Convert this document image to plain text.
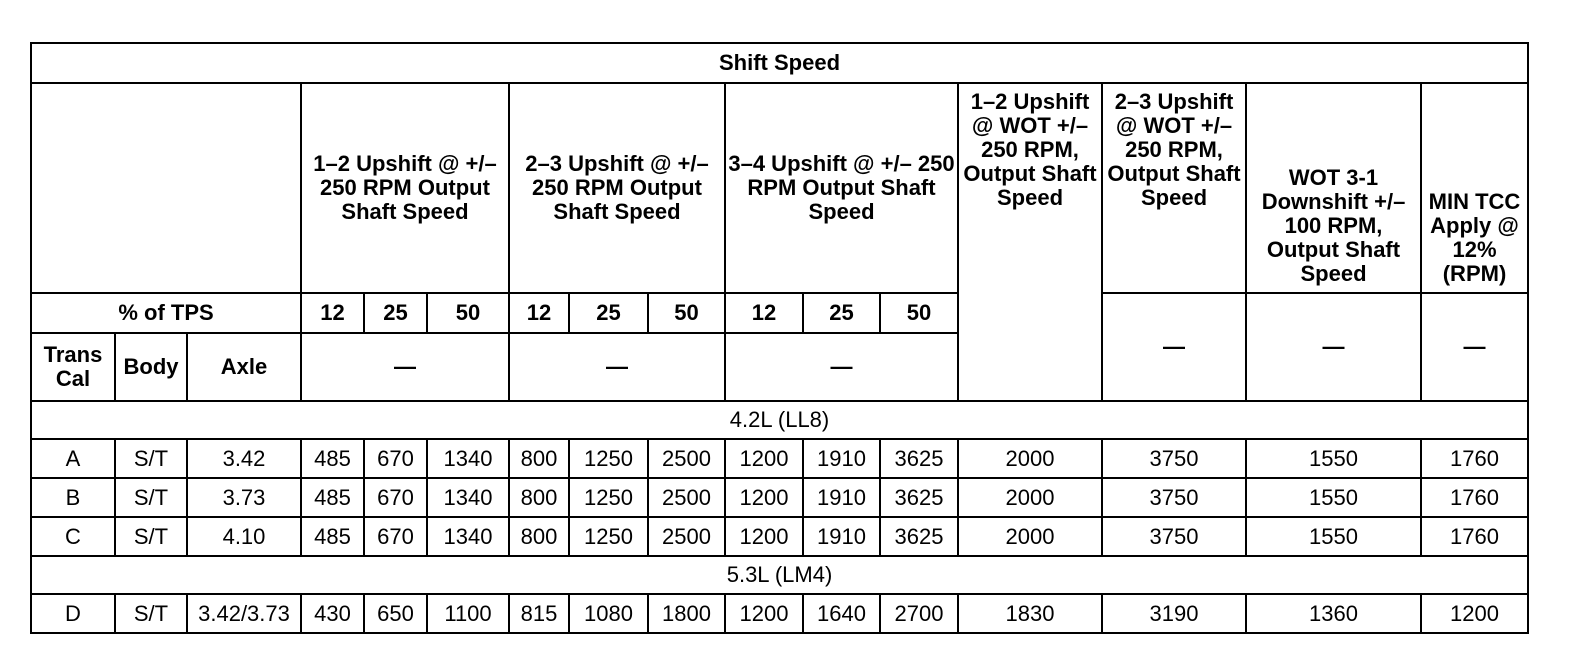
Shift Speed															
			1–2 Upshift @ +/– 250 RPM Output Shaft Speed			2–3 Upshift @ +/–250 RPM Output Shaft Speed			3–4 Upshift @ +/– 250 RPM Output Shaft Speed			1–2 Upshift @ WOT +/– 250 RPM, Output Shaft Speed	2–3 Upshift @ WOT +/– 250 RPM, Output Shaft Speed	WOT 3-1 Downshift +/– 100 RPM, Output Shaft Speed	MIN TCC Apply @ 12% (RPM)
% of TPS			12	25	50	12	25	50	12	25	50		—	—	—
Trans Cal	Body	Axle	—			—			—						
4.2L (LL8)															
A	S/T	3.42	485	670	1340	800	1250	2500	1200	1910	3625	2000	3750	1550	1760
B	S/T	3.73	485	670	1340	800	1250	2500	1200	1910	3625	2000	3750	1550	1760
C	S/T	4.10	485	670	1340	800	1250	2500	1200	1910	3625	2000	3750	1550	1760
5.3L (LM4)															
D	S/T	3.42/3.73	430	650	1100	815	1080	1800	1200	1640	2700	1830	3190	1360	1200
